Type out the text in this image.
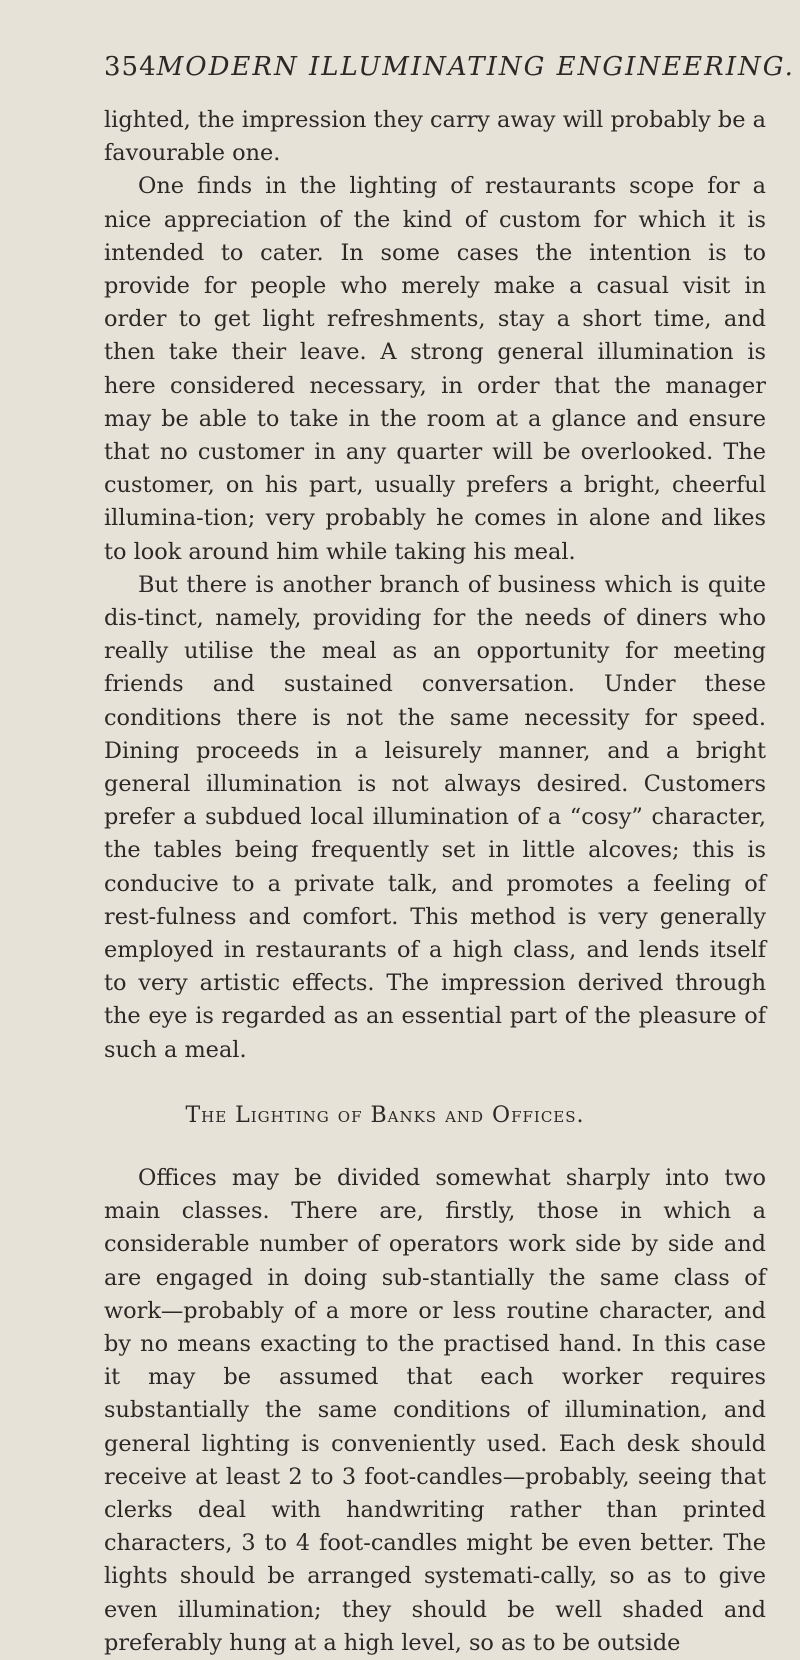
354 MODERN ILLUMINATING ENGINEERING.

lighted, the impression they carry away will probably be a favourable one.

One finds in the lighting of restaurants scope for a nice appreciation of the kind of custom for which it is intended to cater. In some cases the intention is to provide for people who merely make a casual visit in order to get light refreshments, stay a short time, and then take their leave. A strong general illumination is here considered necessary, in order that the manager may be able to take in the room at a glance and ensure that no customer in any quarter will be overlooked. The customer, on his part, usually prefers a bright, cheerful illumina-tion; very probably he comes in alone and likes to look around him while taking his meal.

But there is another branch of business which is quite dis-tinct, namely, providing for the needs of diners who really utilise the meal as an opportunity for meeting friends and sustained conversation. Under these conditions there is not the same necessity for speed. Dining proceeds in a leisurely manner, and a bright general illumination is not always desired. Customers prefer a subdued local illumination of a “cosy” character, the tables being frequently set in little alcoves; this is conducive to a private talk, and promotes a feeling of rest-fulness and comfort. This method is very generally employed in restaurants of a high class, and lends itself to very artistic effects. The impression derived through the eye is regarded as an essential part of the pleasure of such a meal.

The Lighting of Banks and Offices.

Offices may be divided somewhat sharply into two main classes. There are, firstly, those in which a considerable number of operators work side by side and are engaged in doing sub-stantially the same class of work—probably of a more or less routine character, and by no means exacting to the practised hand. In this case it may be assumed that each worker requires substantially the same conditions of illumination, and general lighting is conveniently used. Each desk should receive at least 2 to 3 foot-candles—probably, seeing that clerks deal with handwriting rather than printed characters, 3 to 4 foot-candles might be even better. The lights should be arranged systemati-cally, so as to give even illumination; they should be well shaded and preferably hung at a high level, so as to be outside
